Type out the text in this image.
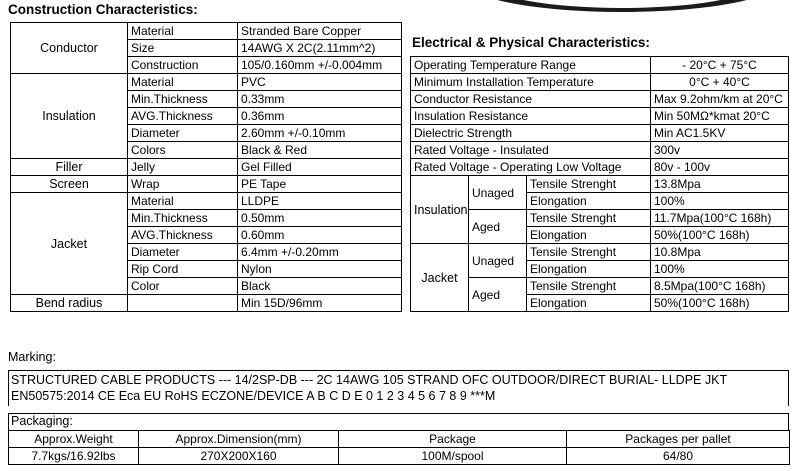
Construction Characteristics:
Conductor	Material	Stranded Bare Copper
	Size	14AWG X 2C(2.11mm^2)
	Construction	105/0.160mm +/-0.004mm
Insulation	Material	PVC
	Min.Thickness	0.33mm
	AVG.Thickness	0.36mm
	Diameter	2.60mm +/-0.10mm
	Colors	Black & Red
Filler	Jelly	Gel Filled
Screen	Wrap	PE Tape
Jacket	Material	LLDPE
	Min.Thickness	0.50mm
	AVG.Thickness	0.60mm
	Diameter	6.4mm +/-0.20mm
	Rip Cord	Nylon
	Color	Black
Bend radius		Min 15D/96mm
Electrical & Physical Characteristics:
Operating Temperature Range			- 20°C + 75°C
Minimum Installation Temperature			0°C + 40°C
Conductor Resistance			Max 9.2ohm/km at 20°C
Insulation Resistance			Min 50MΩ*kmat 20°C
Dielectric Strength			Min AC1.5KV
Rated Voltage - Insulated			300v
Rated Voltage - Operating Low Voltage			80v - 100v
Insulation	Unaged	Tensile Strenght	13.8Mpa
		Elongation	100%
	Aged	Tensile Strenght	11.7Mpa(100°C 168h)
		Elongation	50%(100°C 168h)
Jacket	Unaged	Tensile Strenght	10.8Mpa
		Elongation	100%
	Aged	Tensile Strenght	8.5Mpa(100°C 168h)
		Elongation	50%(100°C 168h)
Marking:
STRUCTURED CABLE PRODUCTS --- 14/2SP-DB --- 2C 14AWG 105 STRAND OFC OUTDOOR/DIRECT BURIAL- LLDPE JKT
EN50575:2014 CE Eca EU RoHS ECZONE/DEVICE A B C D E 0 1 2 3 4 5 6 7 8 9 ***M
Packaging:
Approx.Weight	Approx.Dimension(mm)	Package	Packages per pallet
7.7kgs/16.92lbs	270X200X160	100M/spool	64/80
